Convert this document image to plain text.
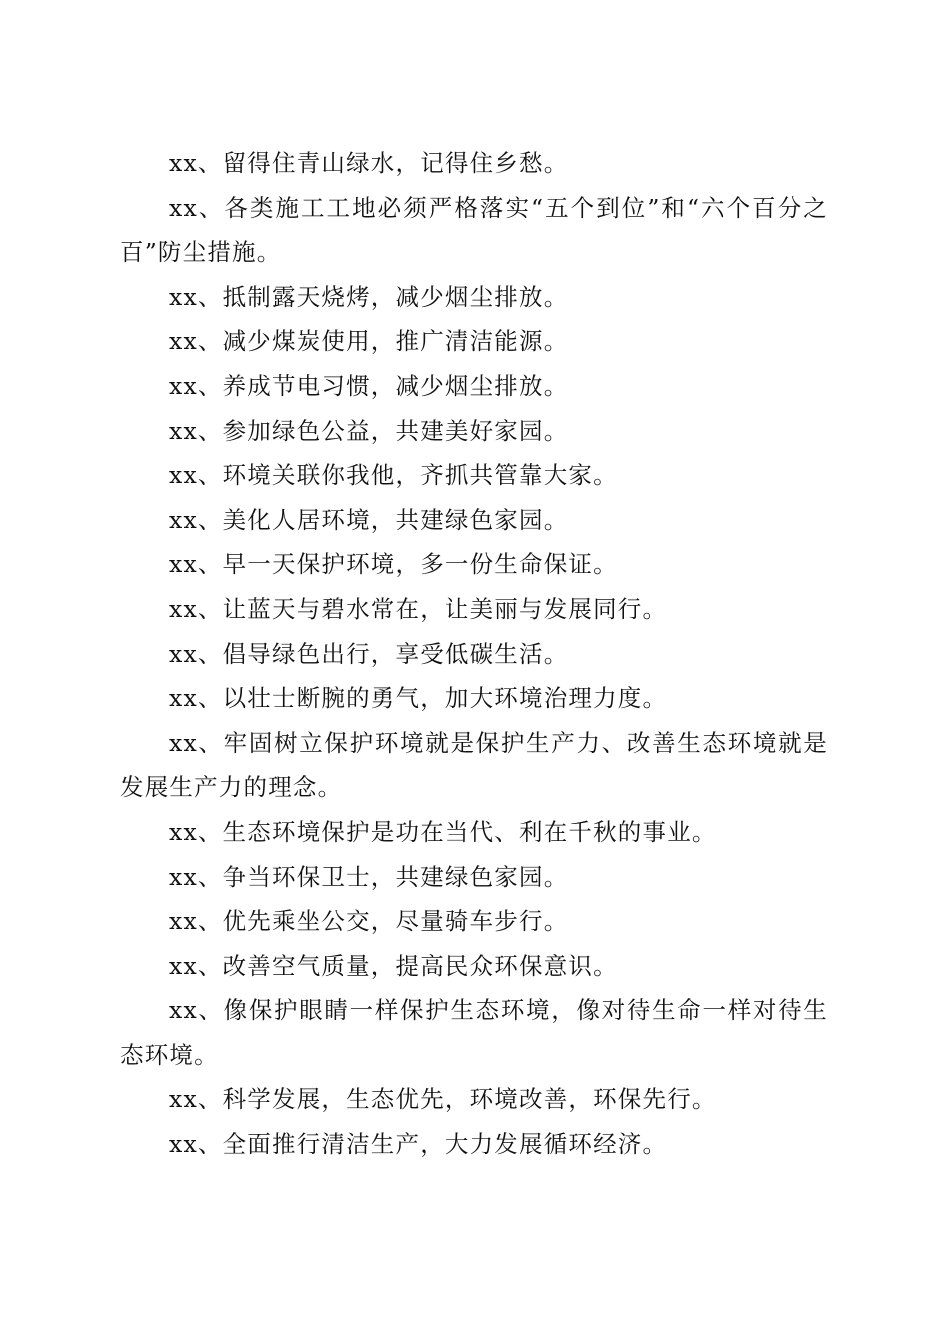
xx、留得住青山绿水，记得住乡愁。

xx、各类施工工地必须严格落实“五个到位”和“六个百分之百”防尘措施。

xx、抵制露天烧烤，减少烟尘排放。

xx、减少煤炭使用，推广清洁能源。

xx、养成节电习惯，减少烟尘排放。

xx、参加绿色公益，共建美好家园。

xx、环境关联你我他，齐抓共管靠大家。

xx、美化人居环境，共建绿色家园。

xx、早一天保护环境，多一份生命保证。

xx、让蓝天与碧水常在，让美丽与发展同行。

xx、倡导绿色出行，享受低碳生活。

xx、以壮士断腕的勇气，加大环境治理力度。

xx、牢固树立保护环境就是保护生产力、改善生态环境就是发展生产力的理念。

xx、生态环境保护是功在当代、利在千秋的事业。

xx、争当环保卫士，共建绿色家园。

xx、优先乘坐公交，尽量骑车步行。

xx、改善空气质量，提高民众环保意识。

xx、像保护眼睛一样保护生态环境，像对待生命一样对待生态环境。

xx、科学发展，生态优先，环境改善，环保先行。

xx、全面推行清洁生产，大力发展循环经济。
